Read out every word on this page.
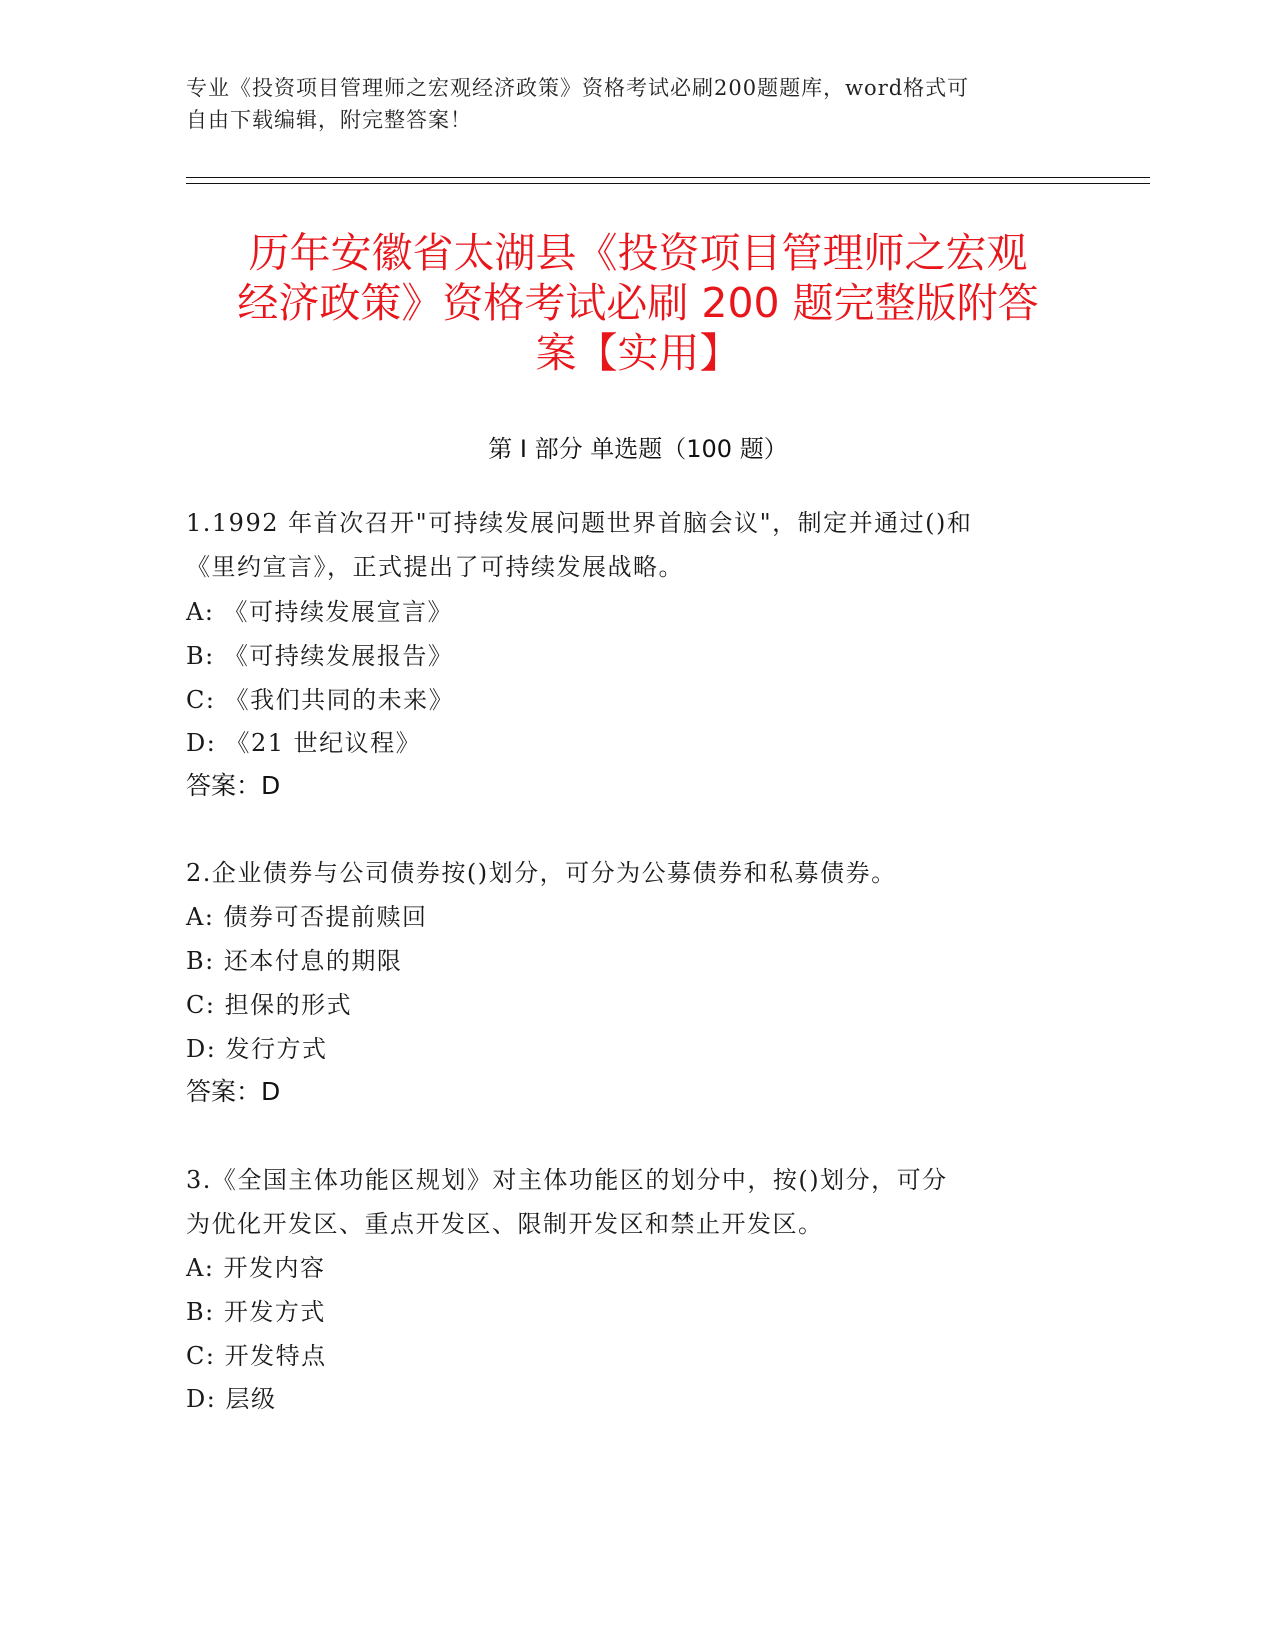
专业《投资项目管理师之宏观经济政策》资格考试必刷200题题库，word格式可
自由下载编辑，附完整答案！
历年安徽省太湖县《投资项目管理师之宏观
经济政策》资格考试必刷 200 题完整版附答
案【实用】
第 I 部分 单选题（100 题）
1.1992 年首次召开"可持续发展问题世界首脑会议"，制定并通过()和
《里约宣言》，正式提出了可持续发展战略。
A: 《可持续发展宣言》
B: 《可持续发展报告》
C: 《我们共同的未来》
D: 《21 世纪议程》
答案：D
2.企业债券与公司债券按()划分，可分为公募债券和私募债券。
A: 债券可否提前赎回
B: 还本付息的期限
C: 担保的形式
D: 发行方式
答案：D
3.《全国主体功能区规划》对主体功能区的划分中，按()划分，可分
为优化开发区、重点开发区、限制开发区和禁止开发区。
A: 开发内容
B: 开发方式
C: 开发特点
D: 层级
